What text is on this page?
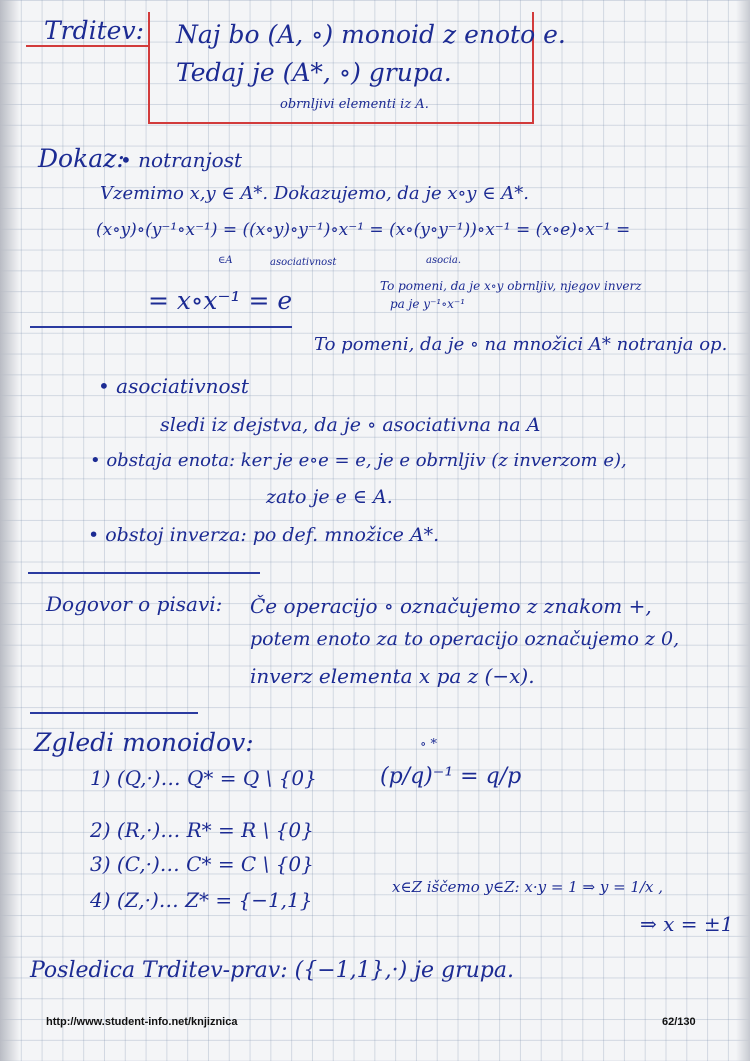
Trditev: Naj bo (A, ∘) monoid z enoto e.
Tedaj je (A*, ∘) grupa.
obrnljivi elementi iz A.
Dokaz:
• notranjost
Vzemimo x,y ∈ A*. Dokazujemo, da je x∘y ∈ A*.
(x∘y)∘(y⁻¹∘x⁻¹) = ((x∘y)∘y⁻¹)∘x⁻¹ = (x∘(y∘y⁻¹))∘x⁻¹ = (x∘e)∘x⁻¹ =
∈A	asociativnost	asocia.
= x∘x⁻¹ = e	To pomeni, da je x∘y obrnljiv, njegov inverz
pa je y⁻¹∘x⁻¹
To pomeni, da je ∘ na množici A* notranja op.
• asociativnost
sledi iz dejstva, da je ∘ asociativna na A
• obstaja enota: ker je e∘e = e, je e obrnljiv (z inverzom e),
zato je e ∈ A.
• obstoj inverza: po def. množice A*.
Dogovor o pisavi: Če operacijo ∘ označujemo z znakom +,
potem enoto za to operacijo označujemo z 0,
inverz elementa x pa z (−x).
Zgledi monoidov:
1) (Q,·)… Q* = Q \ {0}
∘ *
(p/q)⁻¹ = q/p
2) (R,·)… R* = R \ {0}
3) (C,·)… C* = C \ {0}
4) (Z,·)… Z* = {−1,1}
x∈Z iščemo y∈Z: x·y = 1 ⇒ y = 1/x ,
⇒ x = ±1
Posledica Trditev-prav: ({−1,1},·) je grupa.
http://www.student-info.net/knjiznica	62/130
